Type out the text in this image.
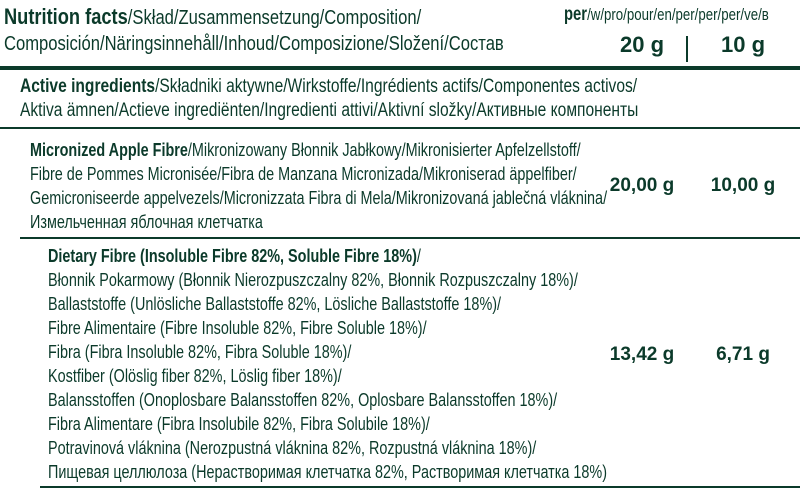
Nutrition facts/Skład/Zusammensetzung/Composition/
Composición/Näringsinnehåll/Inhoud/Composizione/Složení/Состав
per/w/pro/pour/en/per/per/per/ve/в
20 g	10 g
Active ingredients/Składniki aktywne/Wirkstoffe/Ingrédients actifs/Componentes activos/
Aktiva ämnen/Actieve ingrediënten/Ingredienti attivi/Aktivní složky/Активные компоненты
Micronized Apple Fibre/Mikronizowany Błonnik Jabłkowy/Mikronisierter Apfelzellstoff/
Fibre de Pommes Micronisée/Fibra de Manzana Micronizada/Mikroniserad äppelfiber/
Gemicroniseerde appelvezels/Micronizzata Fibra di Mela/Mikronizovaná jablečná vláknina/
Измельченная яблочная клетчатка
20,00 g	10,00 g
Dietary Fibre (Insoluble Fibre 82%, Soluble Fibre 18%)/
Błonnik Pokarmowy (Błonnik Nierozpuszczalny 82%, Błonnik Rozpuszczalny 18%)/
Ballaststoffe (Unlösliche Ballaststoffe 82%, Lösliche Ballaststoffe 18%)/
Fibre Alimentaire (Fibre Insoluble 82%, Fibre Soluble 18%)/
Fibra (Fibra Insoluble 82%, Fibra Soluble 18%)/
Kostfiber (Olöslig fiber 82%, Löslig fiber 18%)/
Balansstoffen (Onoplosbare Balansstoffen 82%, Oplosbare Balansstoffen 18%)/
Fibra Alimentare (Fibra Insolubile 82%, Fibra Solubile 18%)/
Potravinová vláknina (Nerozpustná vláknina 82%, Rozpustná vláknina 18%)/
Пищевая целлюлоза (Нерастворимая клетчатка 82%, Растворимая клетчатка 18%)
13,42 g	6,71 g
